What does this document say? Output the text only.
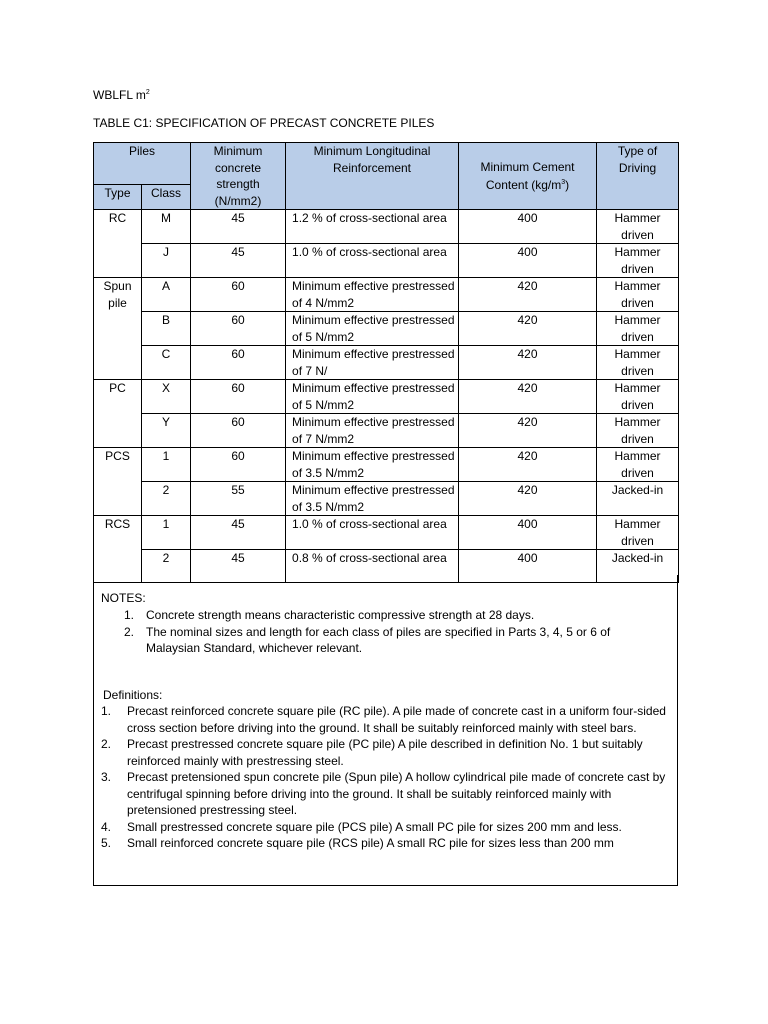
WBLFL $m^2$
TABLE C1: SPECIFICATION OF PRECAST CONCRETE PILES
Piles		Minimum concrete strength (N/mm2)	Minimum Longitudinal Reinforcement	Minimum Cement Content $(kg/m^3)$	Type of Driving
Type	Class				
RC	M	45	1.2 % of cross-sectional area	400	Hammer driven
	J	45	1.0 % of cross-sectional area	400	Hammer driven
Spun pile	A	60	Minimum effective prestressed of 4 N/mm2	420	Hammer driven
	B	60	Minimum effective prestressed of 5 N/mm2	420	Hammer driven
	C	60	Minimum effective prestressed of 7 N/	420	Hammer driven
PC	X	60	Minimum effective prestressed of 5 N/mm2	420	Hammer driven
	Y	60	Minimum effective prestressed of 7 N/mm2	420	Hammer driven
PCS	1	60	Minimum effective prestressed of 3.5 N/mm2	420	Hammer driven
	2	55	Minimum effective prestressed of 3.5 N/mm2	420	Jacked-in
RCS	1	45	1.0 % of cross-sectional area	400	Hammer driven
	2	45	0.8 % of cross-sectional area	400	Jacked-in
NOTES:
1. Concrete strength means characteristic compressive strength at 28 days.
2. The nominal sizes and length for each class of piles are specified in Parts 3, 4, 5 or 6 of Malaysian Standard, whichever relevant.
Definitions:
1.	Precast reinforced concrete square pile (RC pile). A pile made of concrete cast in a uniform four-sided cross section before driving into the ground. It shall be suitably reinforced mainly with steel bars.
2.	Precast prestressed concrete square pile (PC pile) A pile described in definition No. 1 but suitably reinforced mainly with prestressing steel.
3.	Precast pretensioned spun concrete pile (Spun pile) A hollow cylindrical pile made of concrete cast by centrifugal spinning before driving into the ground. It shall be suitably reinforced mainly with pretensioned prestressing steel.
4.	Small prestressed concrete square pile (PCS pile) A small PC pile for sizes 200 mm and less.
5.	Small reinforced concrete square pile (RCS pile) A small RC pile for sizes less than 200 mm
